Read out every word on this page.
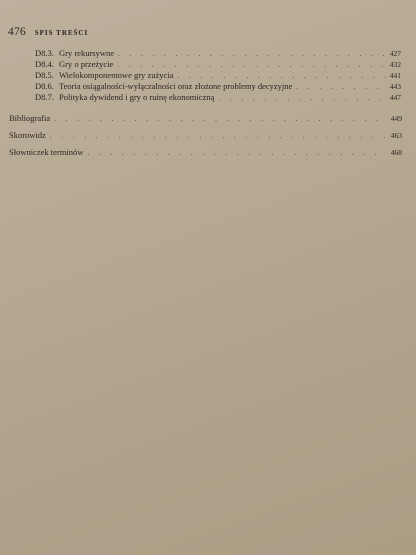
476 SPIS TREŚCI
D8.3. Gry rekursywne . . .	427
D8.4. Gry o przeżycie . . .	432
D8.5. Wielokomponentowe gry zużycia . . .	441
D8.6. Teoria osiągalności-wyłączalności oraz złożone problemy decyzyjne . . .	443
D8.7. Polityka dywidend i gry o ruinę ekonomiczną . . .	447
Bibliografia . . .	449
Skorowidz . . .	463
Słowniczek terminów . . .	468
